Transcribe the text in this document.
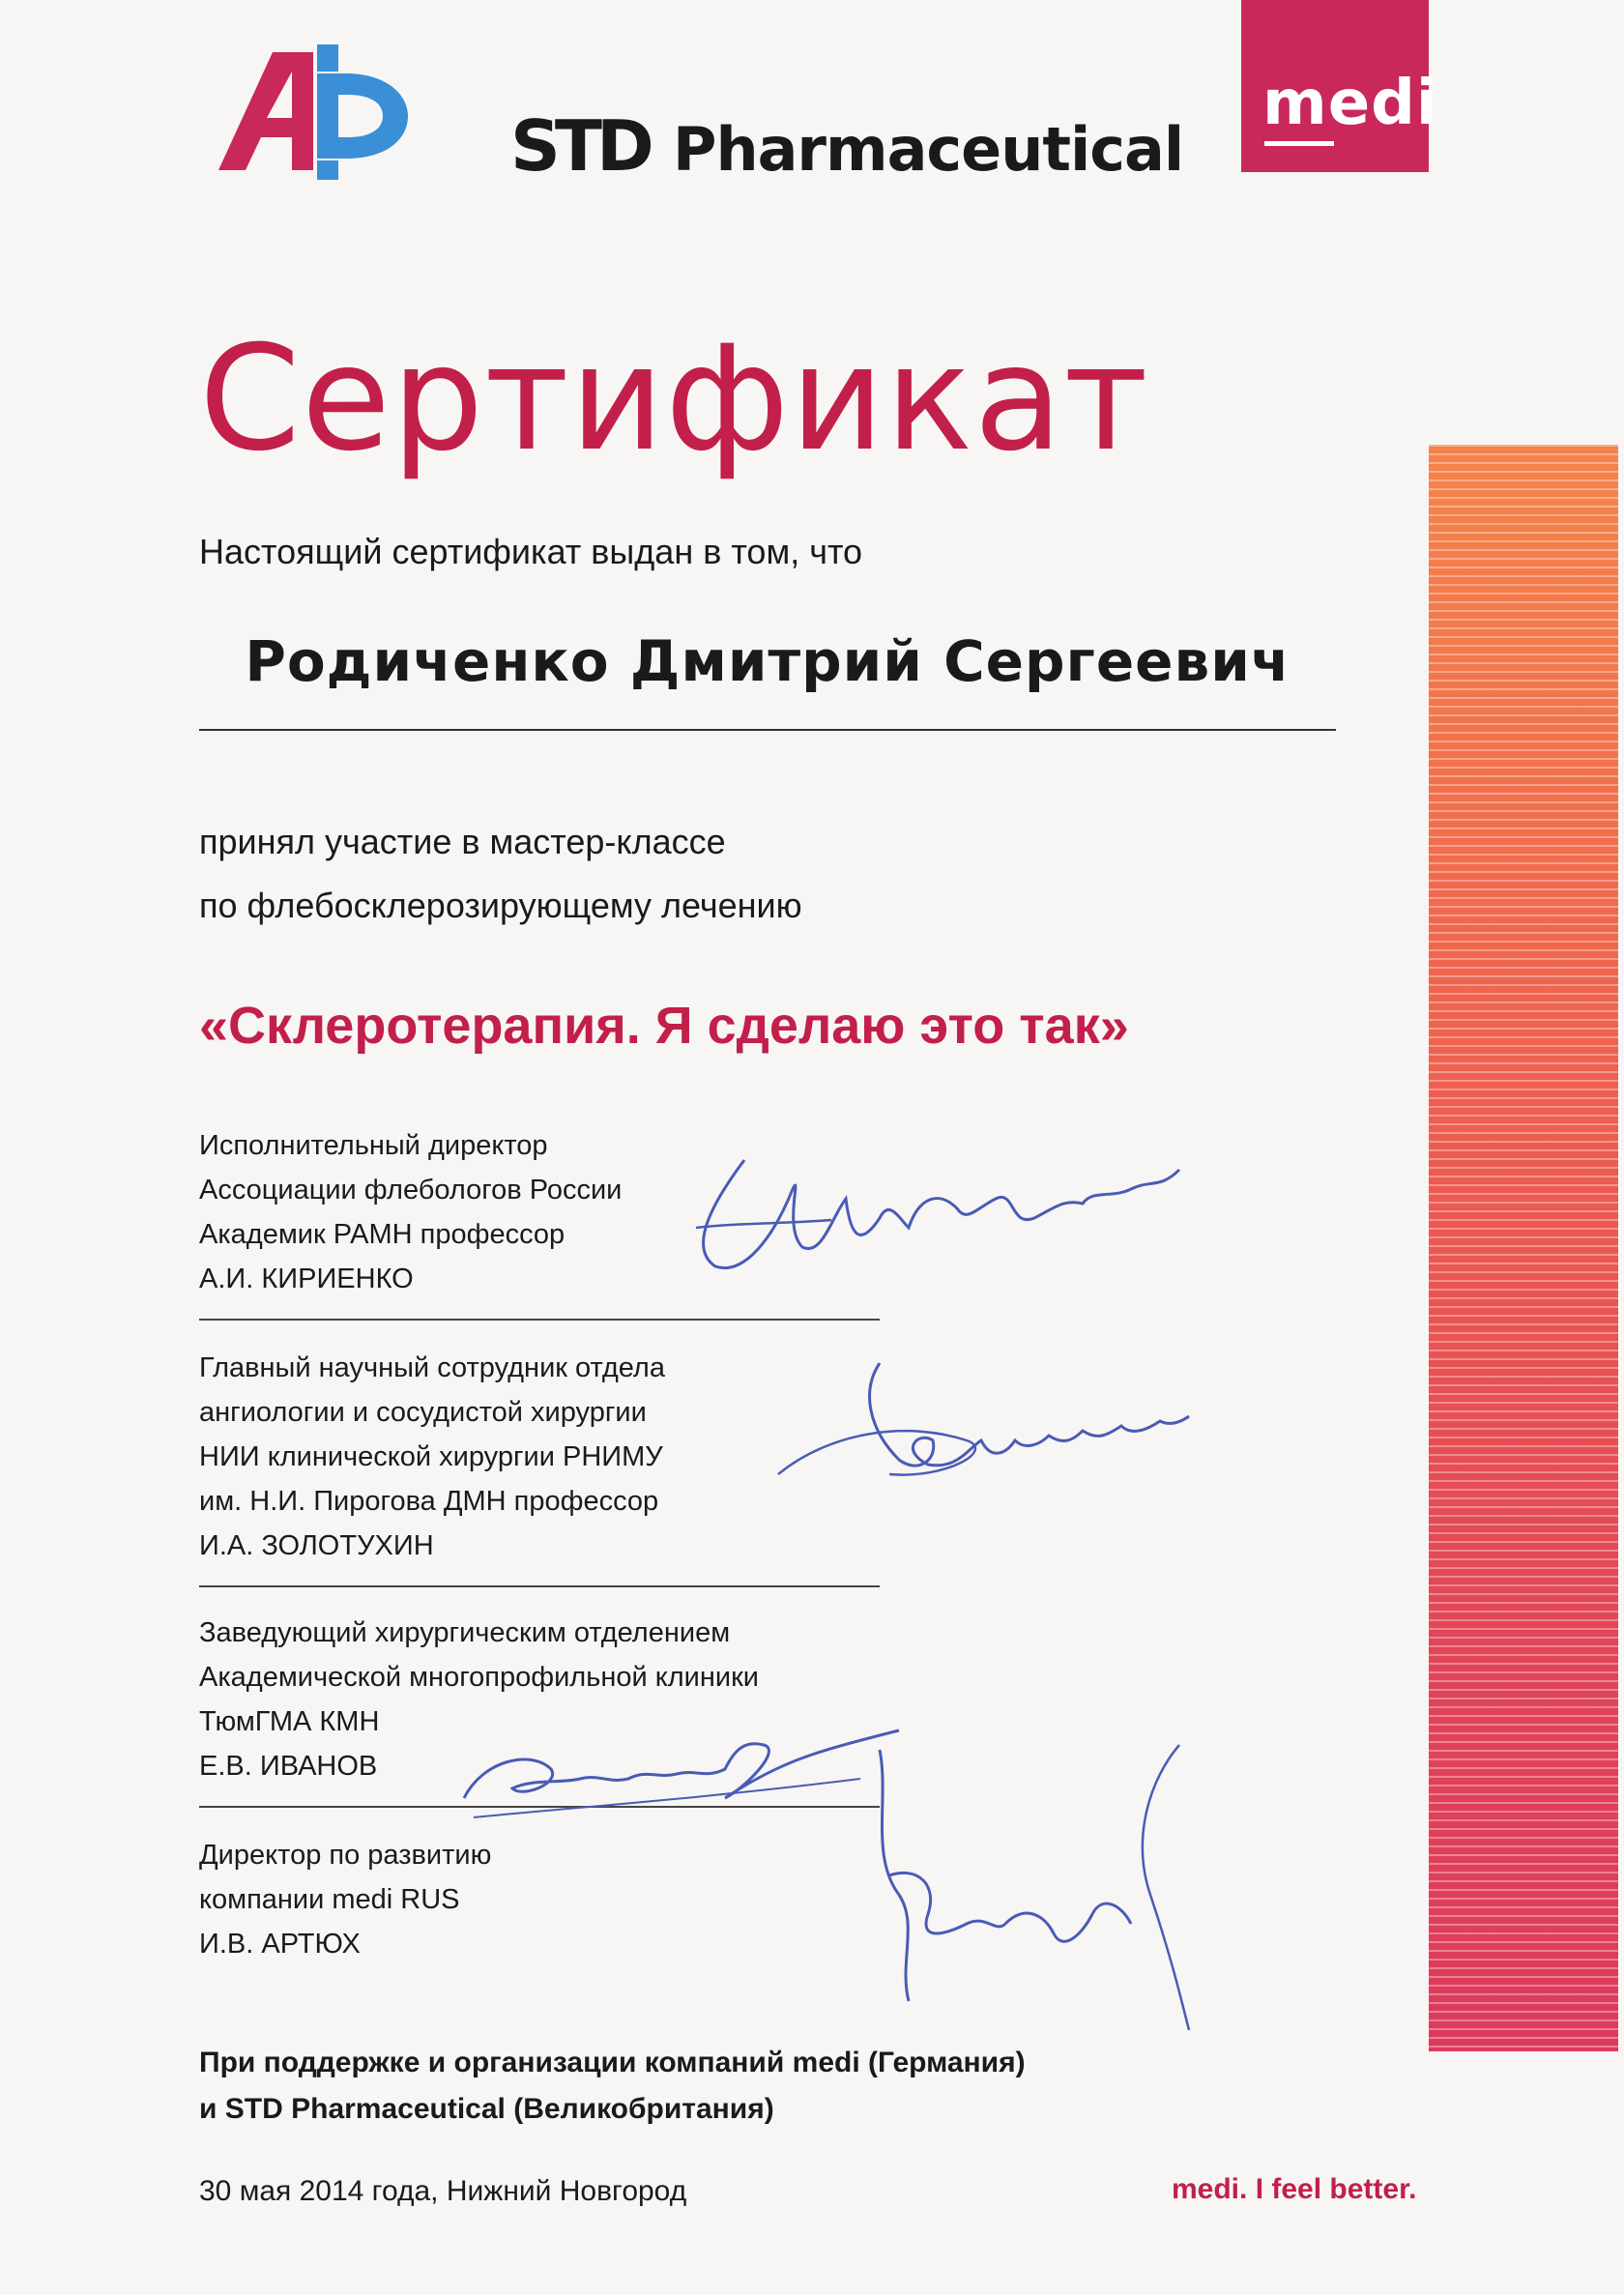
STD Pharmaceutical
medi
Сертификат
Настоящий сертификат выдан в том, что
Родиченко Дмитрий Сергеевич
принял участие в мастер-классе
по флебосклерозирующему лечению
«Склеротерапия. Я сделаю это так»
Исполнительный директор
Ассоциации флебологов России
Академик РАМН профессор
А.И. КИРИЕНКО
Главный научный сотрудник отдела
ангиологии и сосудистой хирургии
НИИ клинической хирургии РНИМУ
им. Н.И. Пирогова ДМН профессор
И.А. ЗОЛОТУХИН
Заведующий хирургическим отделением
Академической многопрофильной клиники
ТюмГМА КМН
Е.В. ИВАНОВ
Директор по развитию
компании medi RUS
И.В. АРТЮХ
При поддержке и организации компаний medi (Германия)
и STD Pharmaceutical (Великобритания)
30 мая 2014 года, Нижний Новгород	medi. I feel better.
